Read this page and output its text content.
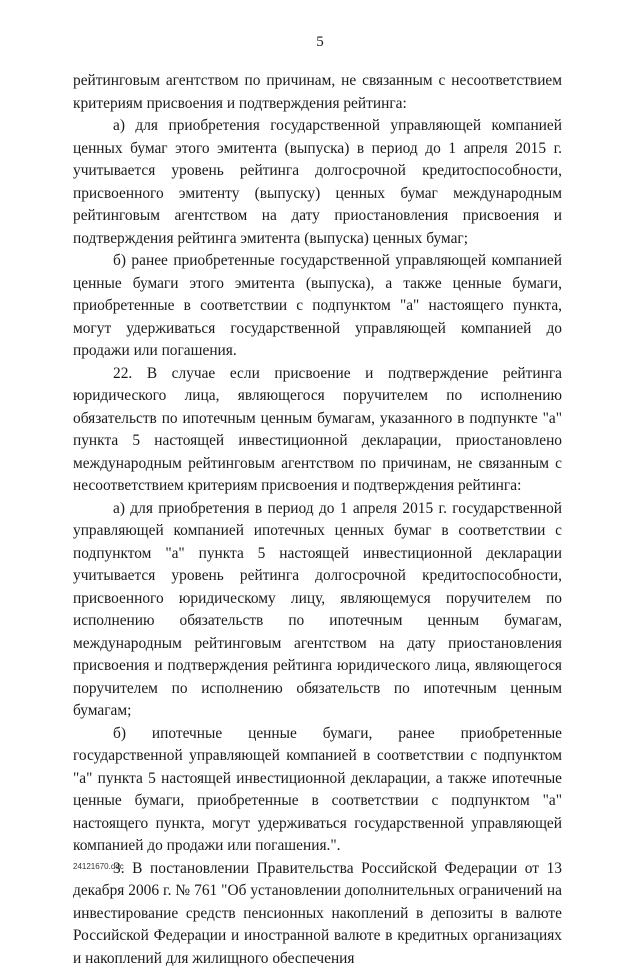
5

рейтинговым агентством по причинам, не связанным с несоответствием критериям присвоения и подтверждения рейтинга:

а) для приобретения государственной управляющей компанией ценных бумаг этого эмитента (выпуска) в период до 1 апреля 2015 г. учитывается уровень рейтинга долгосрочной кредитоспособности, присвоенного эмитенту (выпуску) ценных бумаг международным рейтинговым агентством на дату приостановления присвоения и подтверждения рейтинга эмитента (выпуска) ценных бумаг;

б) ранее приобретенные государственной управляющей компанией ценные бумаги этого эмитента (выпуска), а также ценные бумаги, приобретенные в соответствии с подпунктом "а" настоящего пункта, могут удерживаться государственной управляющей компанией до продажи или погашения.

22. В случае если присвоение и подтверждение рейтинга юридического лица, являющегося поручителем по исполнению обязательств по ипотечным ценным бумагам, указанного в подпункте "а" пункта 5 настоящей инвестиционной декларации, приостановлено международным рейтинговым агентством по причинам, не связанным с несоответствием критериям присвоения и подтверждения рейтинга:

а) для приобретения в период до 1 апреля 2015 г. государственной управляющей компанией ипотечных ценных бумаг в соответствии с подпунктом "а" пункта 5 настоящей инвестиционной декларации учитывается уровень рейтинга долгосрочной кредитоспособности, присвоенного юридическому лицу, являющемуся поручителем по исполнению обязательств по ипотечным ценным бумагам, международным рейтинговым агентством на дату приостановления присвоения и подтверждения рейтинга юридического лица, являющегося поручителем по исполнению обязательств по ипотечным ценным бумагам;

б) ипотечные ценные бумаги, ранее приобретенные государственной управляющей компанией в соответствии с подпунктом "а" пункта 5 настоящей инвестиционной декларации, а также ипотечные ценные бумаги, приобретенные в соответствии с подпунктом "а" настоящего пункта, могут удерживаться государственной управляющей компанией до продажи или погашения.".

3. В постановлении Правительства Российской Федерации от 13 декабря 2006 г. № 761 "Об установлении дополнительных ограничений на инвестирование средств пенсионных накоплений в депозиты в валюте Российской Федерации и иностранной валюте в кредитных организациях и накоплений для жилищного обеспечения

24121670.doc
